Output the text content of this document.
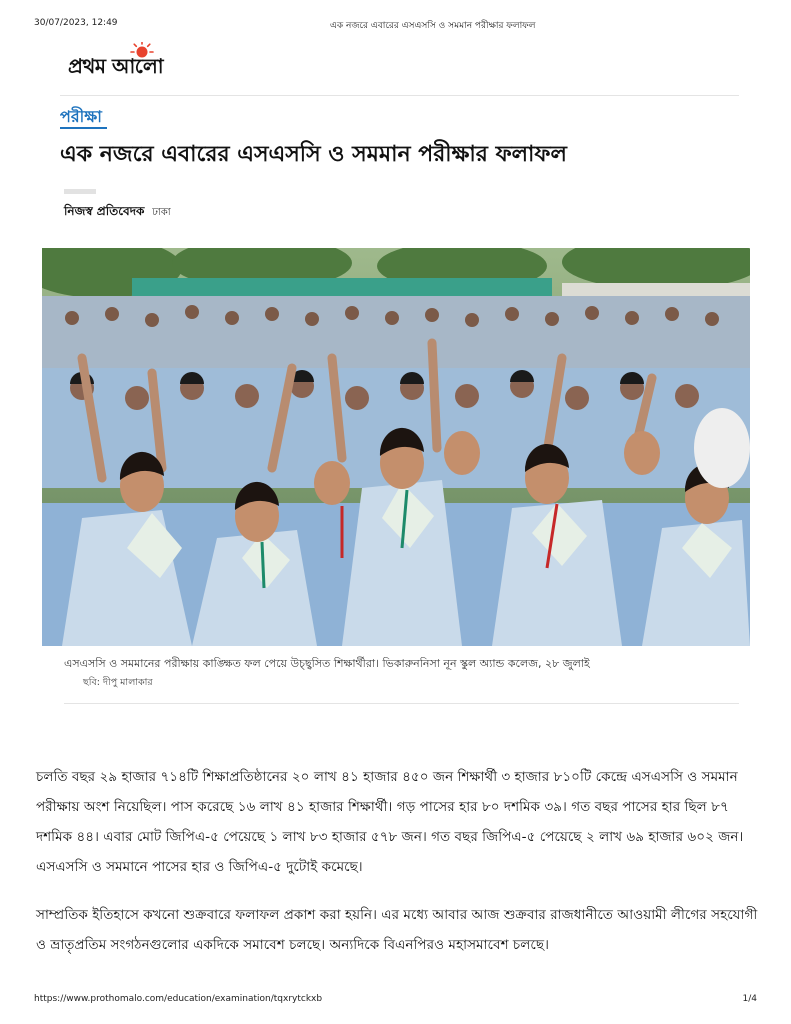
30/07/2023, 12:49	এক নজরে এবারের এসএসসি ও সমমান পরীক্ষার ফলাফল
প্রথম আলো
পরীক্ষা
এক নজরে এবারের এসএসসি ও সমমান পরীক্ষার ফলাফল
নিজস্ব প্রতিবেদক ঢাকা
এসএসসি ও সমমানের পরীক্ষায় কাঙ্ক্ষিত ফল পেয়ে উচ্ছ্বসিত শিক্ষার্থীরা। ভিকারুননিসা নূন স্কুল অ্যান্ড কলেজ, ২৮ জুলাই
ছবি: দীপু মালাকার

চলতি বছর ২৯ হাজার ৭১৪টি শিক্ষাপ্রতিষ্ঠানের ২০ লাখ ৪১ হাজার ৪৫০ জন শিক্ষার্থী ৩ হাজার ৮১০টি কেন্দ্রে এসএসসি ও সমমান পরীক্ষায় অংশ নিয়েছিল। পাস করেছে ১৬ লাখ ৪১ হাজার শিক্ষার্থী। গড় পাসের হার ৮০ দশমিক ৩৯। গত বছর পাসের হার ছিল ৮৭ দশমিক ৪৪। এবার মোট জিপিএ-৫ পেয়েছে ১ লাখ ৮৩ হাজার ৫৭৮ জন। গত বছর জিপিএ-৫ পেয়েছে ২ লাখ ৬৯ হাজার ৬০২ জন। এসএসসি ও সমমানে পাসের হার ও জিপিএ-৫ দুটোই কমেছে।

সাম্প্রতিক ইতিহাসে কখনো শুক্রবারে ফলাফল প্রকাশ করা হয়নি। এর মধ্যে আবার আজ শুক্রবার রাজধানীতে আওয়ামী লীগের সহযোগী ও ভ্রাতৃপ্রতিম সংগঠনগুলোর একদিকে সমাবেশ চলছে। অন্যদিকে বিএনপিরও মহাসমাবেশ চলছে।

https://www.prothomalo.com/education/examination/tqxrytckxb	1/4
